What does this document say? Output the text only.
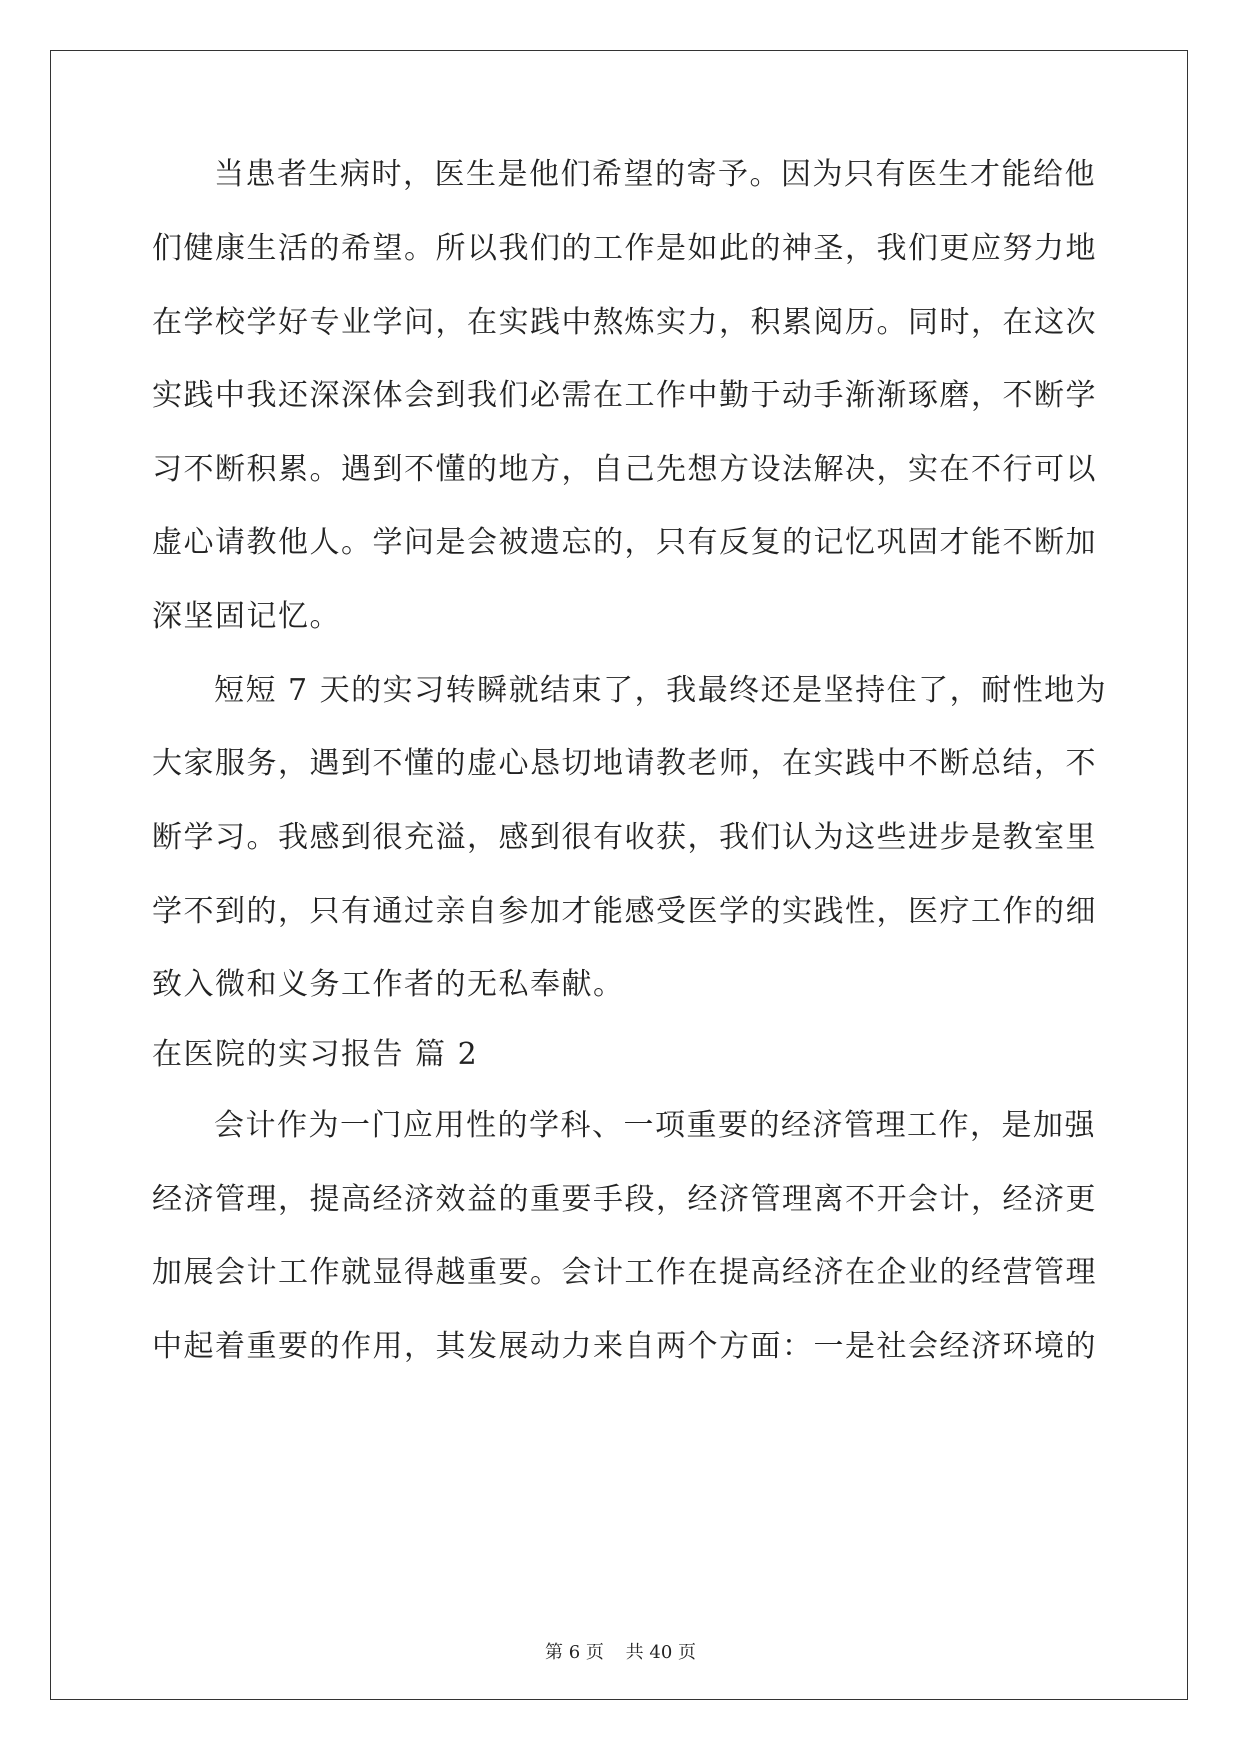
当患者生病时，医生是他们希望的寄予。因为只有医生才能给他
们健康生活的希望。所以我们的工作是如此的神圣，我们更应努力地
在学校学好专业学问，在实践中熬炼实力，积累阅历。同时，在这次
实践中我还深深体会到我们必需在工作中勤于动手渐渐琢磨，不断学
习不断积累。遇到不懂的地方，自己先想方设法解决，实在不行可以
虚心请教他人。学问是会被遗忘的，只有反复的记忆巩固才能不断加
深坚固记忆。
短短 7 天的实习转瞬就结束了，我最终还是坚持住了，耐性地为
大家服务，遇到不懂的虚心恳切地请教老师，在实践中不断总结，不
断学习。我感到很充溢，感到很有收获，我们认为这些进步是教室里
学不到的，只有通过亲自参加才能感受医学的实践性，医疗工作的细
致入微和义务工作者的无私奉献。
在医院的实习报告 篇 2
会计作为一门应用性的学科、一项重要的经济管理工作，是加强
经济管理，提高经济效益的重要手段，经济管理离不开会计，经济更
加展会计工作就显得越重要。会计工作在提高经济在企业的经营管理
中起着重要的作用，其发展动力来自两个方面：一是社会经济环境的
第 6 页 共 40 页
